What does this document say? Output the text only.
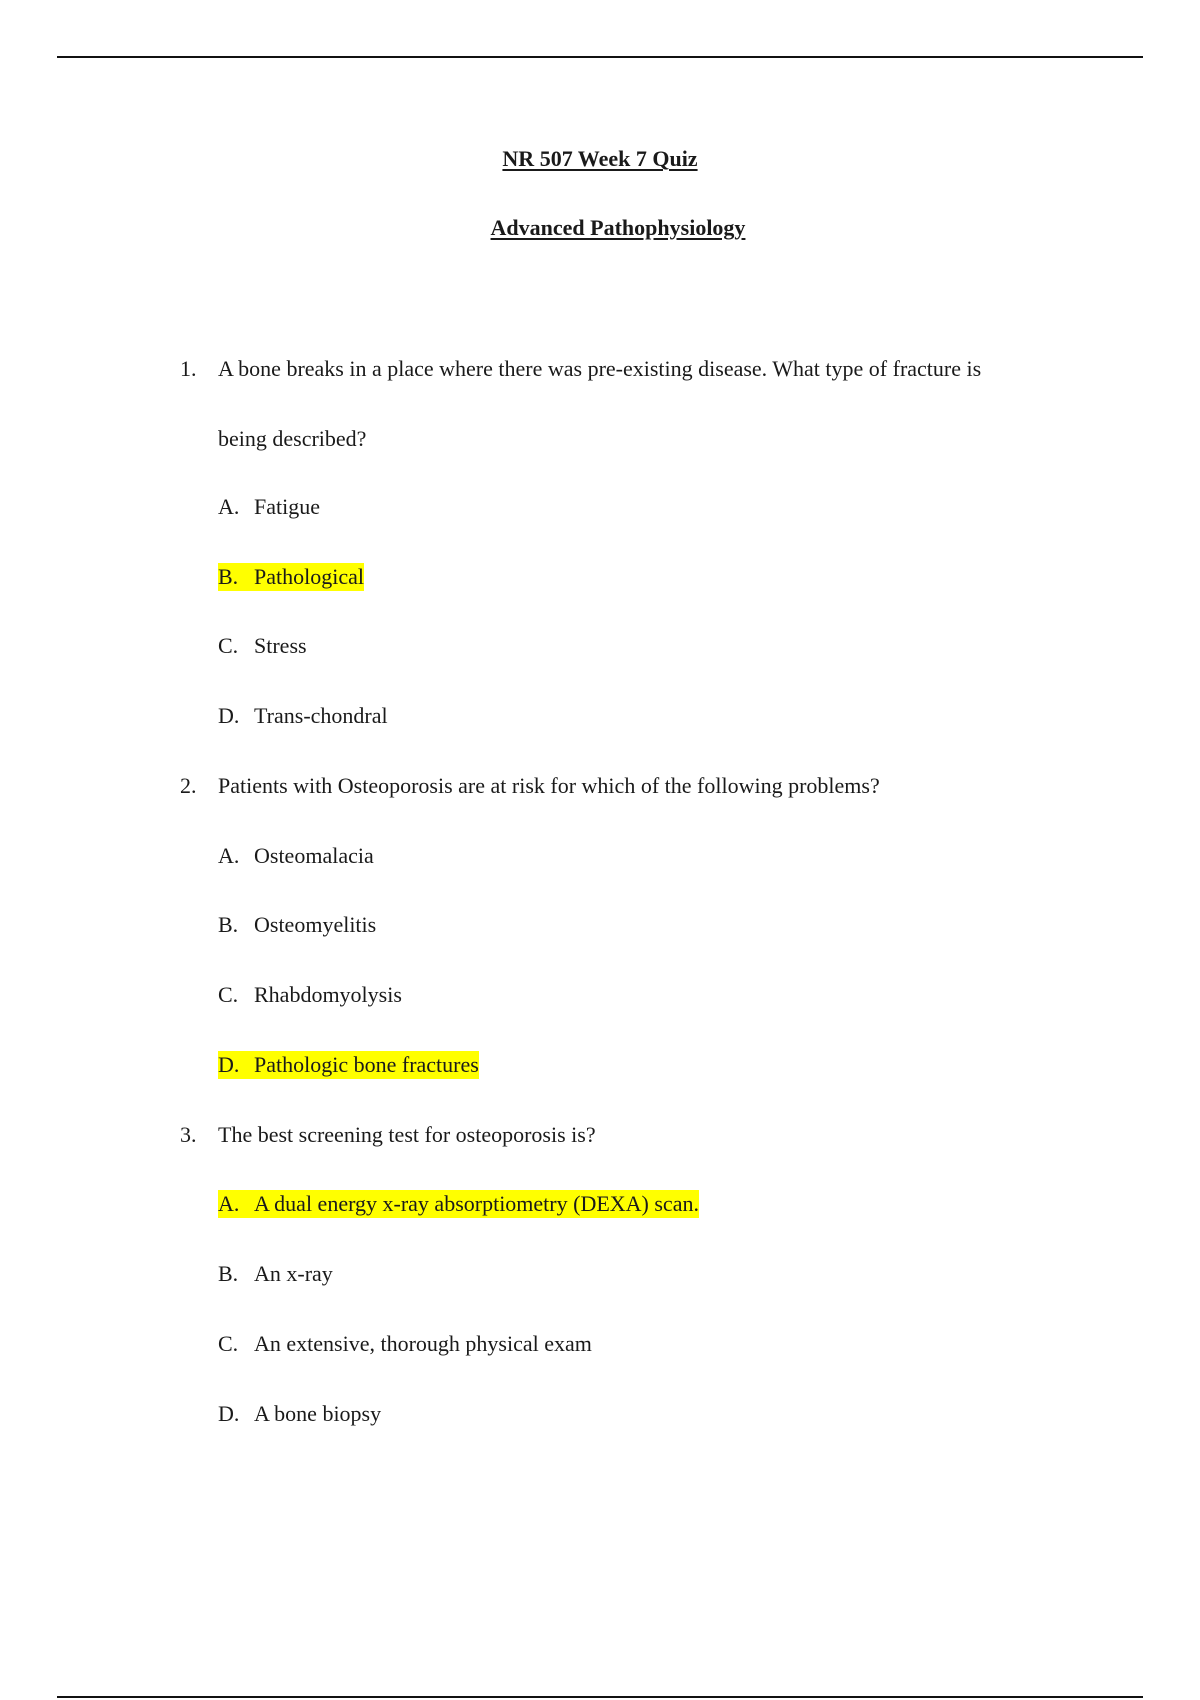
NR 507 Week 7 Quiz
Advanced Pathophysiology
1. A bone breaks in a place where there was pre-existing disease. What type of fracture is
being described?
A. Fatigue
B. Pathological
C. Stress
D. Trans-chondral
2. Patients with Osteoporosis are at risk for which of the following problems?
A. Osteomalacia
B. Osteomyelitis
C. Rhabdomyolysis
D. Pathologic bone fractures
3. The best screening test for osteoporosis is?
A. A dual energy x-ray absorptiometry (DEXA) scan.
B. An x-ray
C. An extensive, thorough physical exam
D. A bone biopsy
